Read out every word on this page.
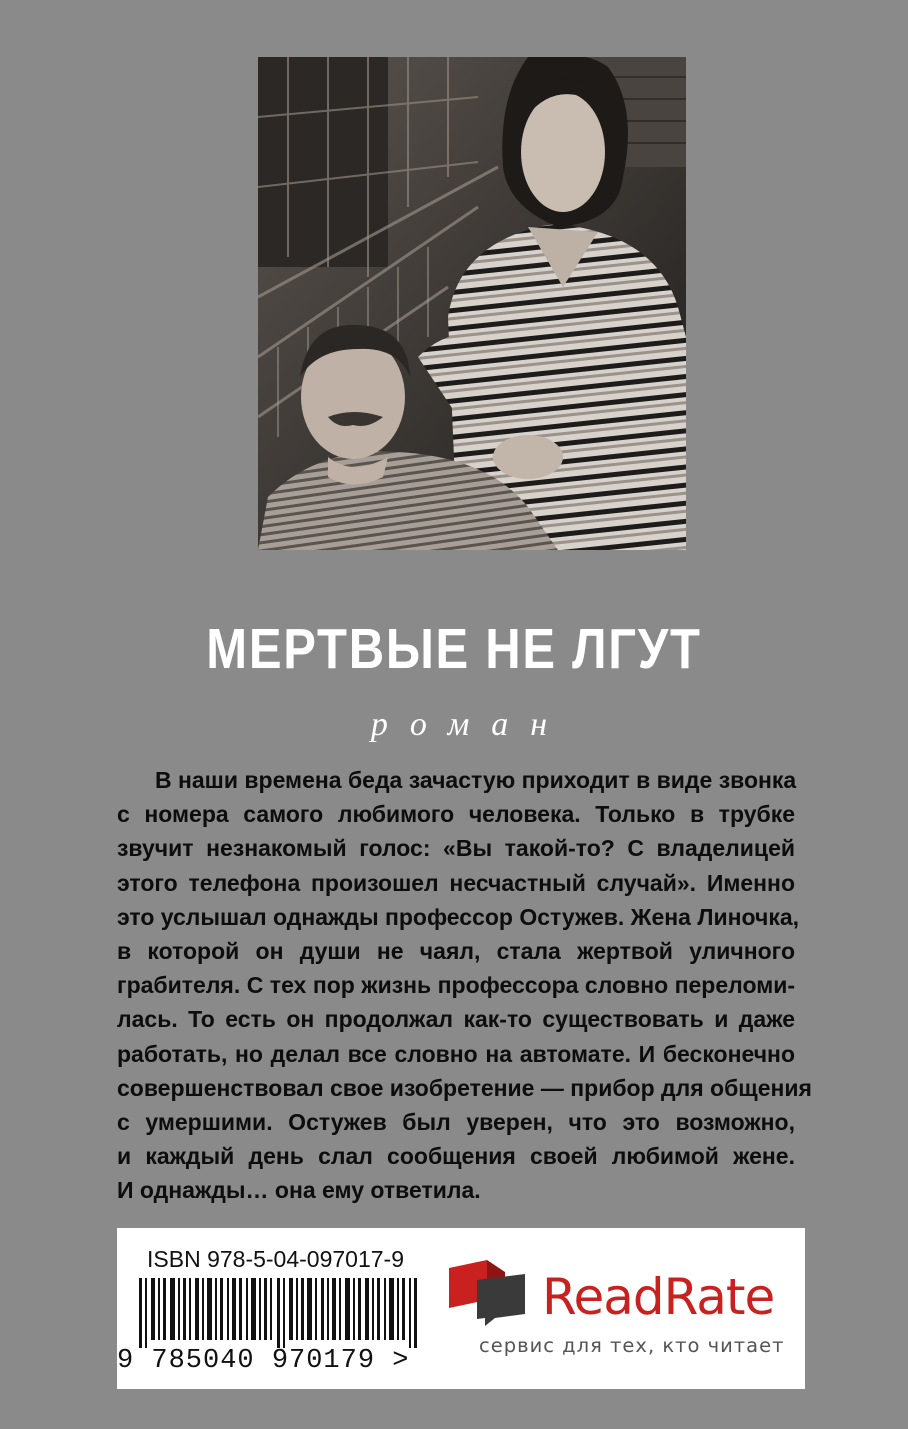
МЕРТВЫЕ НЕ ЛГУТ
роман
В наши времена беда зачастую приходит в виде звонка
с номера самого любимого человека. Только в трубке
звучит незнакомый голос: «Вы такой-то? С владелицей
этого телефона произошел несчастный случай». Именно
это услышал однажды профессор Остужев. Жена Линочка,
в которой он души не чаял, стала жертвой уличного
грабителя. С тех пор жизнь профессора словно переломи-
лась. То есть он продолжал как-то существовать и даже
работать, но делал все словно на автомате. И бесконечно
совершенствовал свое изобретение — прибор для общения
с умершими. Остужев был уверен, что это возможно,
и каждый день слал сообщения своей любимой жене.
И однажды… она ему ответила.
ISBN 978-5-04-097017-9
9 785040 970179 >
ReadRate
сервис для тех, кто читает
